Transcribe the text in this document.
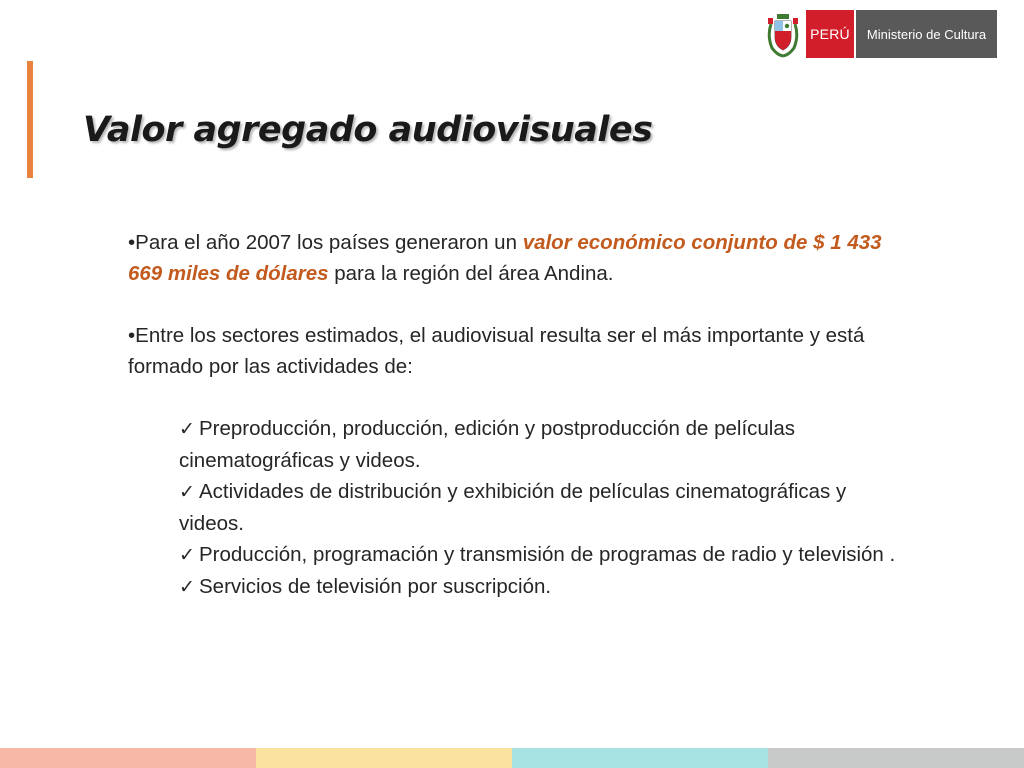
PERÚ	Ministerio de Cultura
Valor agregado audiovisuales

•Para el año 2007 los países generaron un valor económico conjunto de $ 1 433 669 miles de dólares para la región del área Andina.

•Entre los sectores estimados, el audiovisual resulta ser el más importante y está formado por las actividades de:

✓ Preproducción, producción, edición y postproducción de películas cinematográficas y videos.
✓ Actividades de distribución y exhibición de películas cinematográficas y videos.
✓ Producción, programación y transmisión de programas de radio y televisión .
✓ Servicios de televisión por suscripción.
